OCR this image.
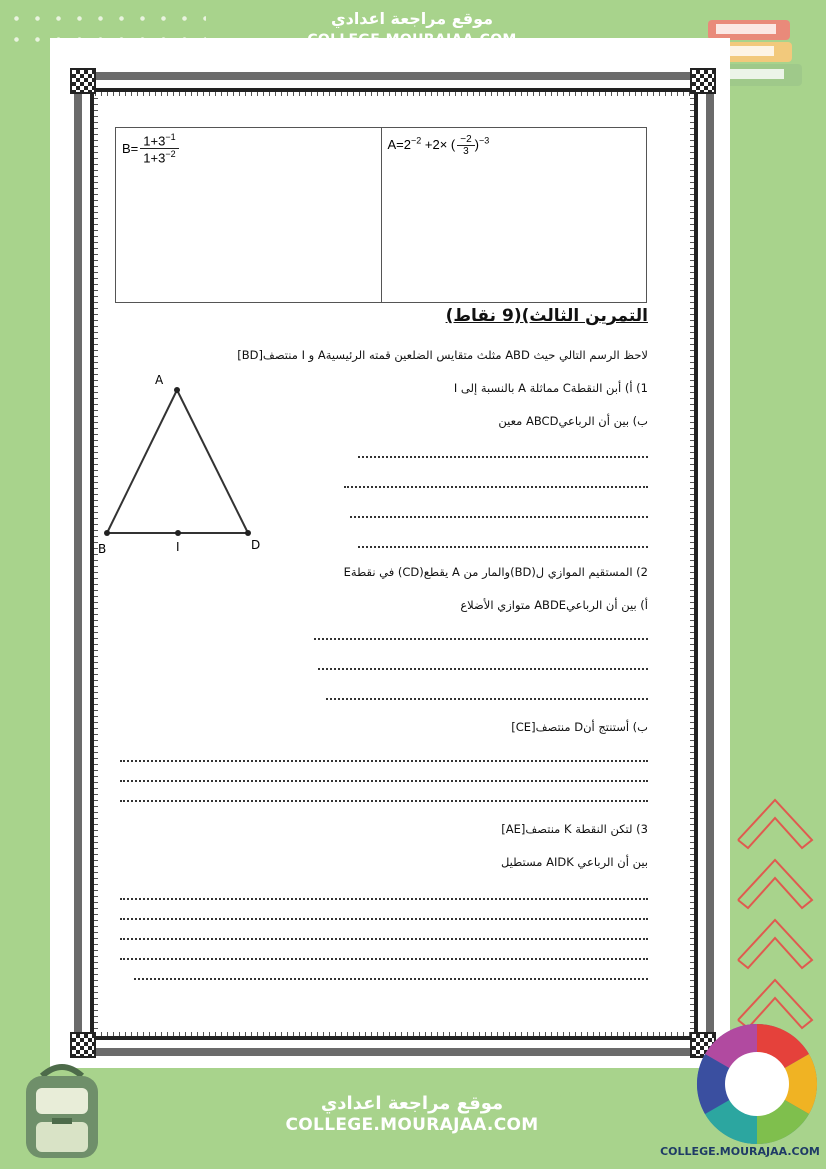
موقع مراجعة اعدادي
$B= \frac{1+3^{-1}}{1+3^{-2}}$	$A=2^{-2} +2\times$ ( $\frac{-2}{3} )^{-3}$
التمرين الثالث)(9 نقاط)
لاحظ الرسم التالي حيث ABD مثلث متقايس الضلعين قمته الرئيسيةA و I منتصف[BD]
1) أ) أبن النقطةC مماثلة A بالنسبة إلى I
ب) بين أن الرباعيABCD معين
2) المستقيم الموازي ل(BD)والمار من A يقطع(CD) في نقطةE
أ) بين أن الرباعيABDE متوازي الأضلاع
ب) أستنتج أنD منتصف[CE]
3) لتكن النقطة K منتصف[AE]
بين أن الرباعي AIDK مستطيل
A
B	I	D
موقع مراجعة اعدادي
COLLEGE.MOURAJAA.COM
COLLEGE.MOURAJAA.COM
